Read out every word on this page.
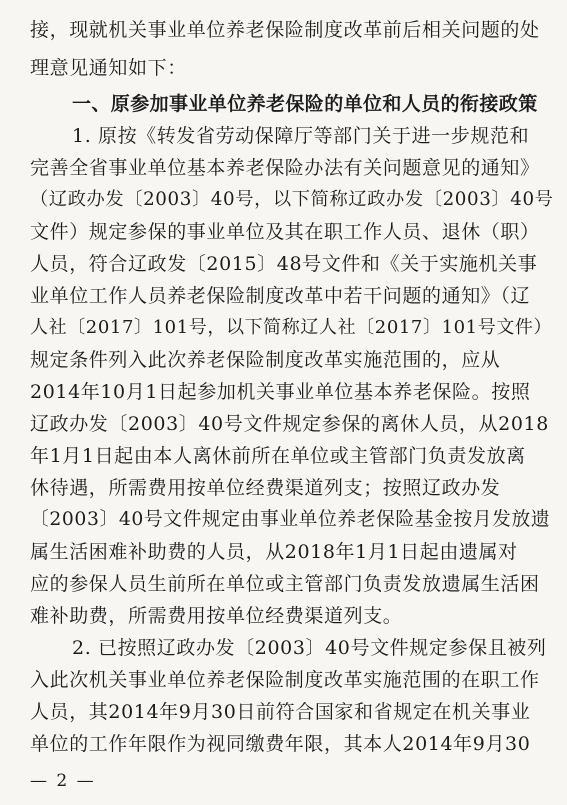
接，现就机关事业单位养老保险制度改革前后相关问题的处
理意见通知如下：
一、原参加事业单位养老保险的单位和人员的衔接政策
1. 原按《转发省劳动保障厅等部门关于进一步规范和
完善全省事业单位基本养老保险办法有关问题意见的通知》
（辽政办发〔2003〕40号，以下简称辽政办发〔2003〕40号
文件）规定参保的事业单位及其在职工作人员、退休（职）
人员，符合辽政发〔2015〕48号文件和《关于实施机关事
业单位工作人员养老保险制度改革中若干问题的通知》（辽
人社〔2017〕101号，以下简称辽人社〔2017〕101号文件）
规定条件列入此次养老保险制度改革实施范围的，应从
2014年10月1日起参加机关事业单位基本养老保险。按照
辽政办发〔2003〕40号文件规定参保的离休人员，从2018
年1月1日起由本人离休前所在单位或主管部门负责发放离
休待遇，所需费用按单位经费渠道列支；按照辽政办发
〔2003〕40号文件规定由事业单位养老保险基金按月发放遗
属生活困难补助费的人员，从2018年1月1日起由遗属对
应的参保人员生前所在单位或主管部门负责发放遗属生活困
难补助费，所需费用按单位经费渠道列支。
2. 已按照辽政办发〔2003〕40号文件规定参保且被列
入此次机关事业单位养老保险制度改革实施范围的在职工作
人员，其2014年9月30日前符合国家和省规定在机关事业
单位的工作年限作为视同缴费年限，其本人2014年9月30
— 2 —
